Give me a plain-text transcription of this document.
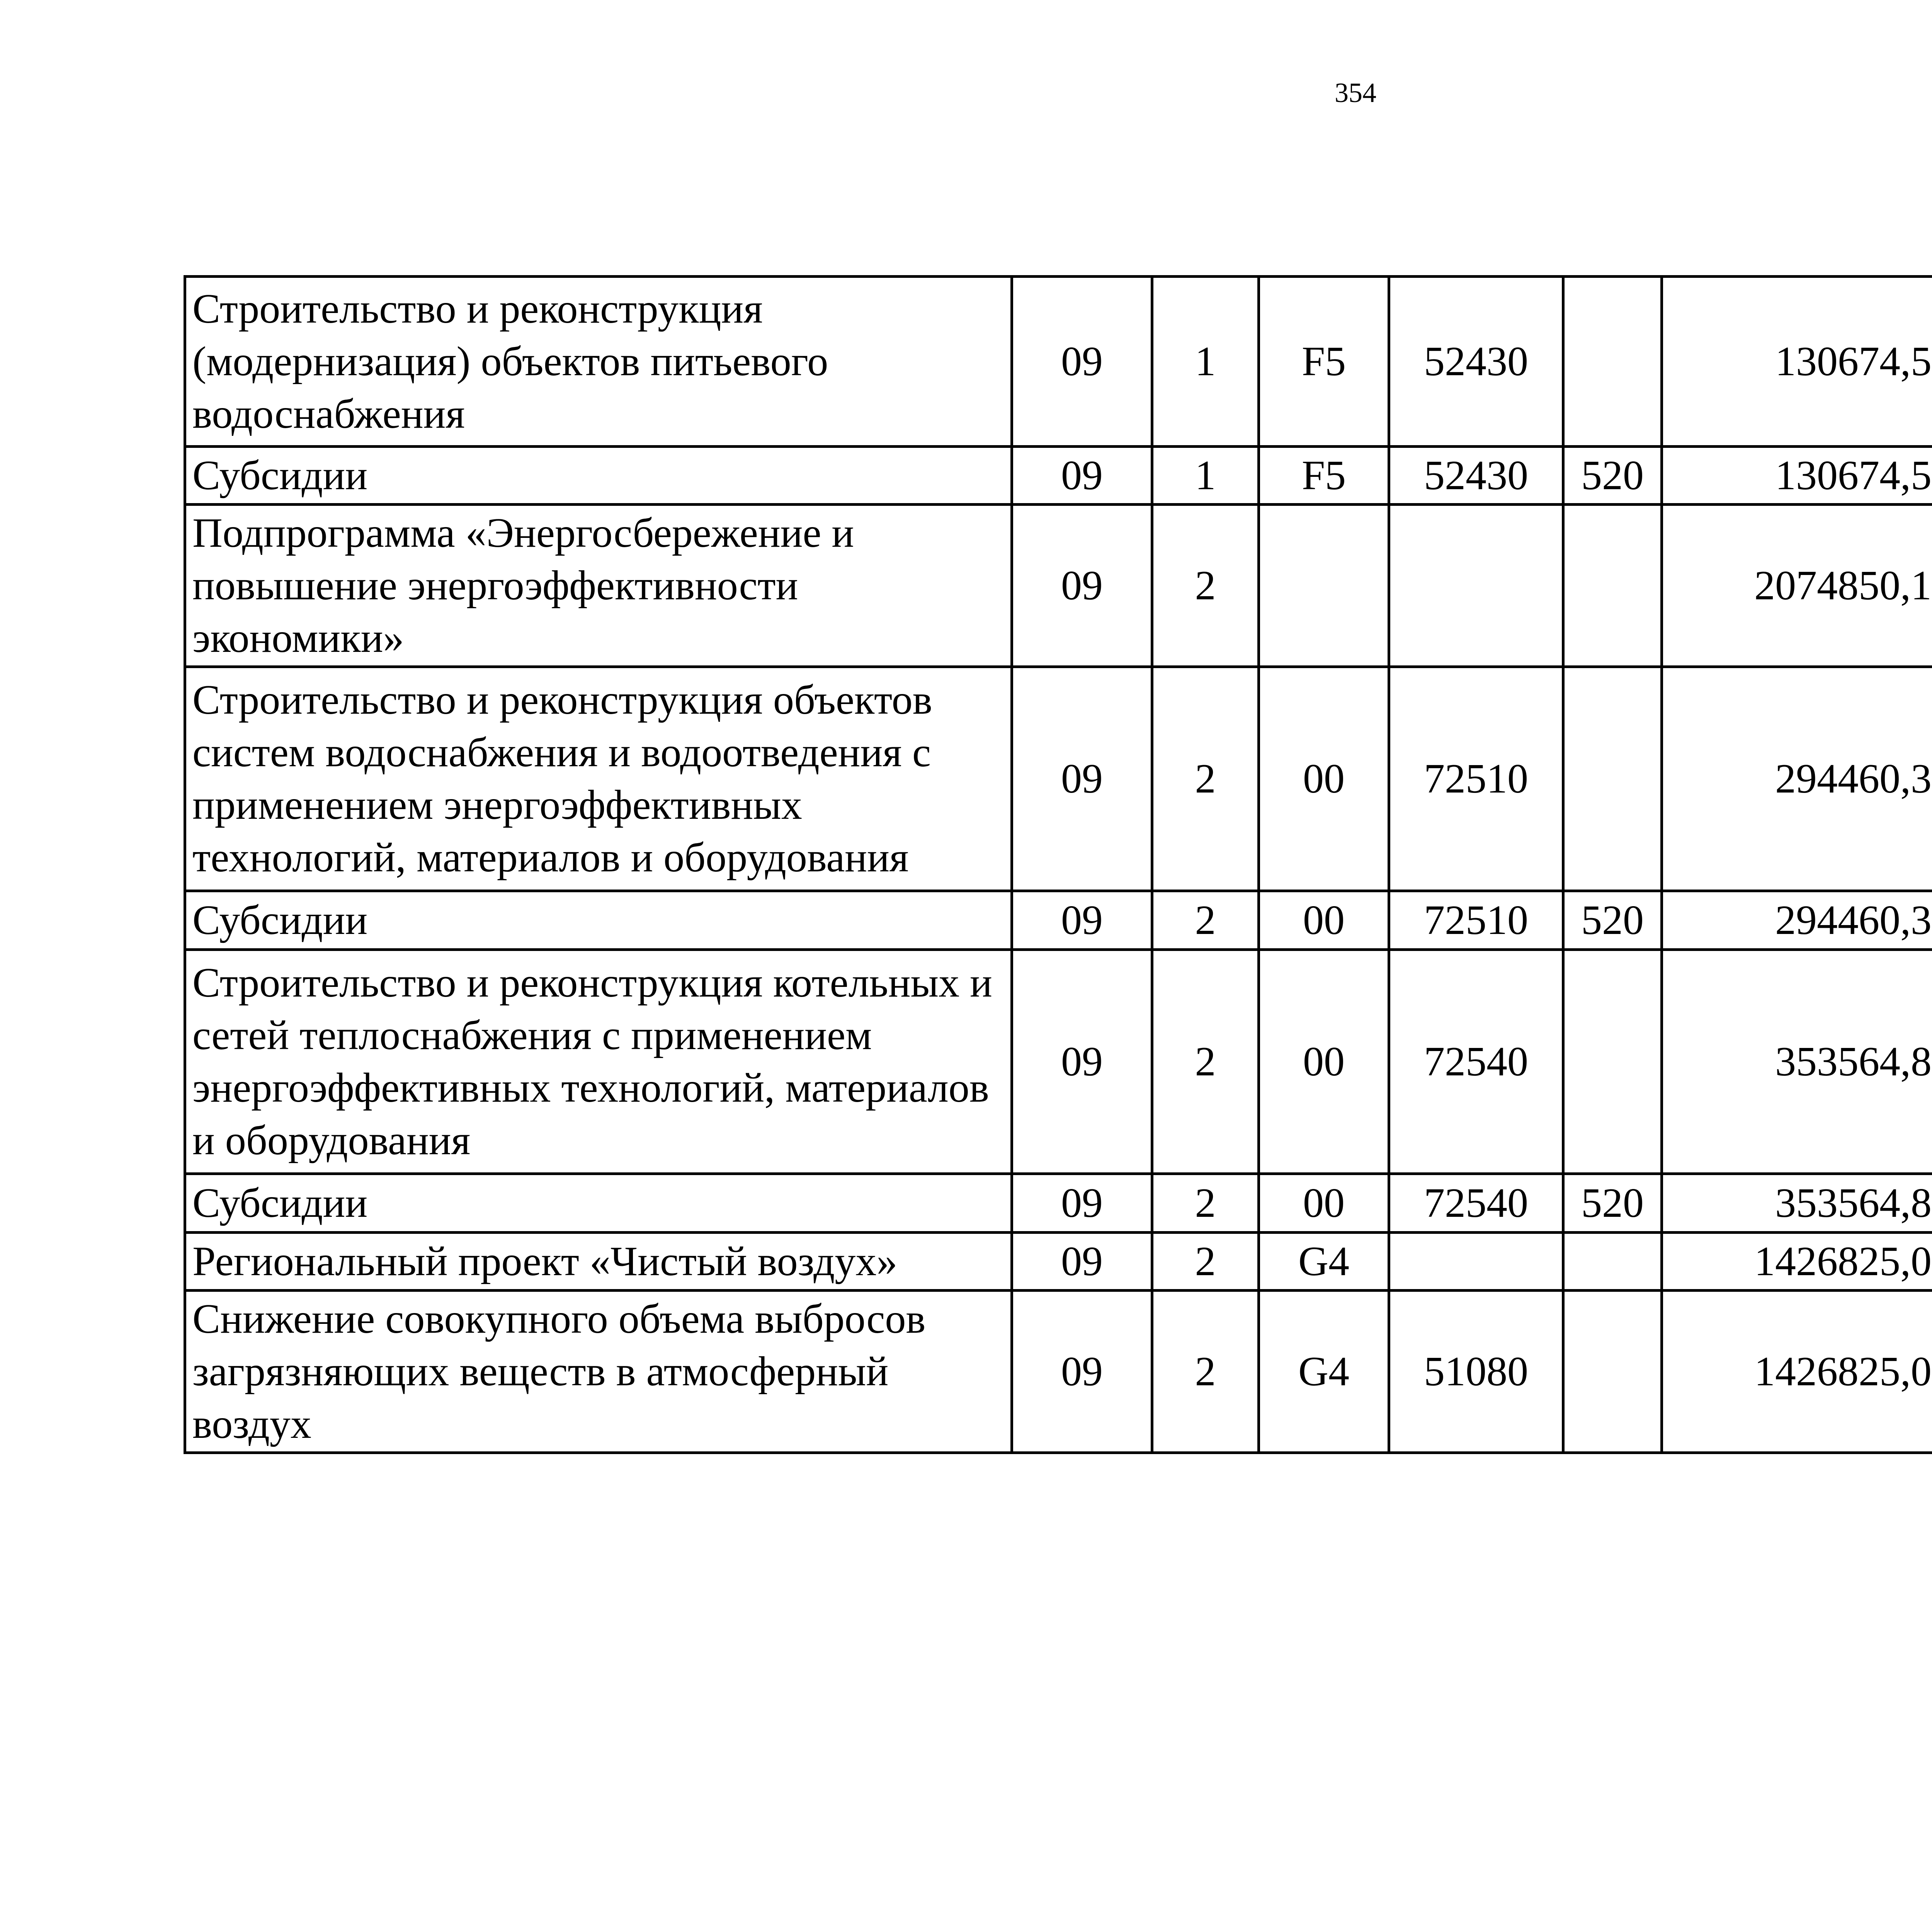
354
Строительство и реконструкция (модернизация) объектов питьевого водоснабжения	09	1	F5	52430		130674,5		
Субсидии	09	1	F5	52430	520	130674,5		
Подпрограмма «Энергосбережение и повышение энергоэффективности экономики»	09	2				2074850,1		
Строительство и реконструкция объектов систем водоснабжения и водоотведения с применением энергоэффективных технологий, материалов и оборудования	09	2	00	72510		294460,3		
Субсидии	09	2	00	72510	520	294460,3		
Строительство и реконструкция котельных и сетей теплоснабжения с применением энергоэффективных технологий, материалов и оборудования	09	2	00	72540		353564,8		
Субсидии	09	2	00	72540	520	353564,8		
Региональный проект «Чистый воздух»	09	2	G4			1426825,0		
Снижение совокупного объема выбросов загрязняющих веществ в атмосферный воздух	09	2	G4	51080		1426825,0		
